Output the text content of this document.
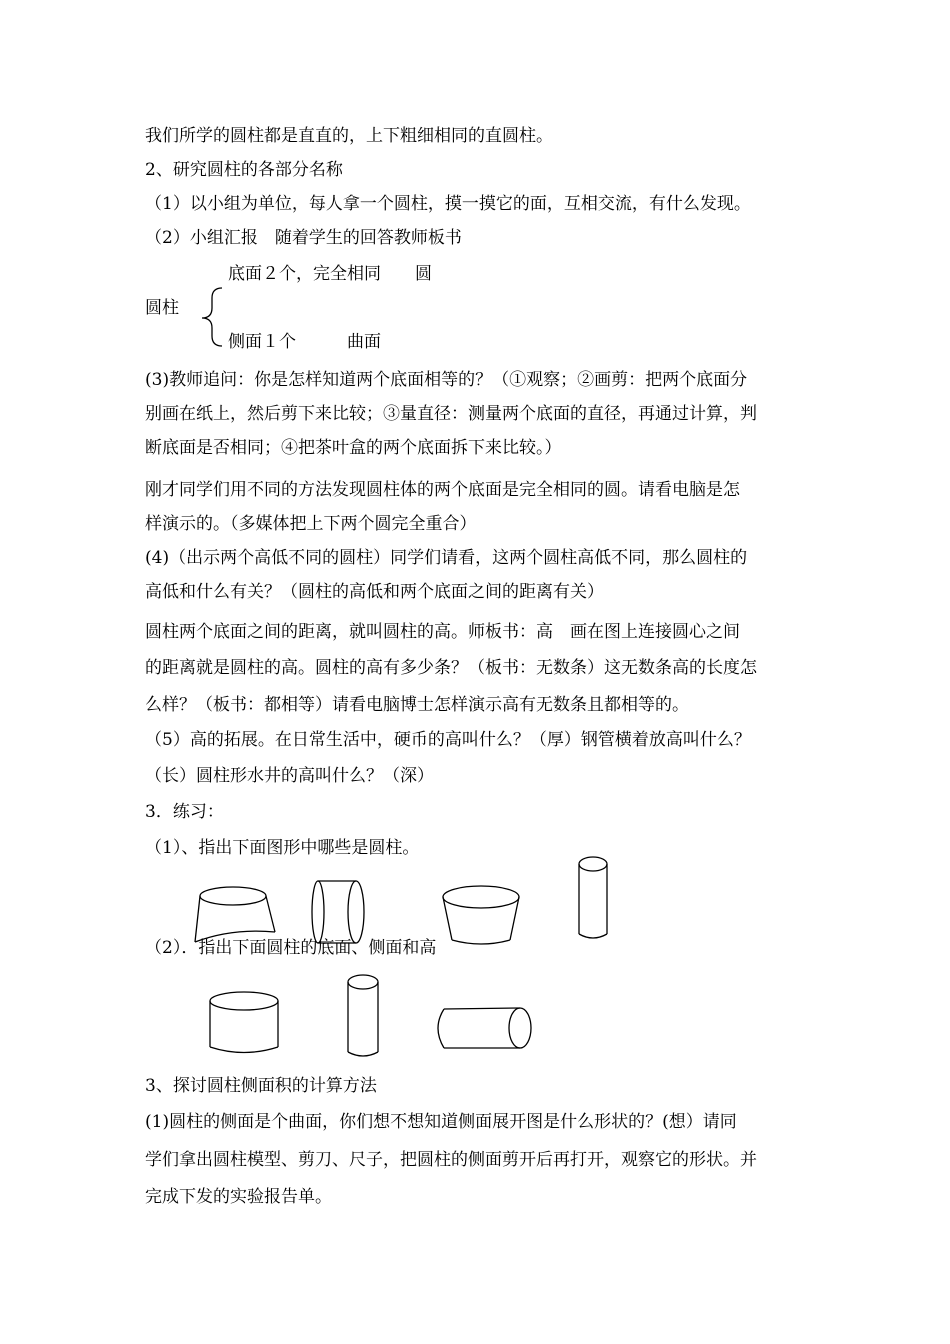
我们所学的圆柱都是直直的，上下粗细相同的直圆柱。
2、研究圆柱的各部分名称
（1）以小组为单位，每人拿一个圆柱，摸一摸它的面，互相交流，有什么发现。
（2）小组汇报　随着学生的回答教师板书
底面２个，完全相同　　圆
圆柱
侧面１个　　　曲面
(3)教师追问：你是怎样知道两个底面相等的？（①观察；②画剪：把两个底面分
别画在纸上，然后剪下来比较；③量直径：测量两个底面的直径，再通过计算，判
断底面是否相同；④把茶叶盒的两个底面拆下来比较。）
刚才同学们用不同的方法发现圆柱体的两个底面是完全相同的圆。请看电脑是怎
样演示的。（多媒体把上下两个圆完全重合）
(4)（出示两个高低不同的圆柱）同学们请看，这两个圆柱高低不同，那么圆柱的
高低和什么有关？（圆柱的高低和两个底面之间的距离有关）
圆柱两个底面之间的距离，就叫圆柱的高。师板书：高　画在图上连接圆心之间
的距离就是圆柱的高。圆柱的高有多少条？（板书：无数条）这无数条高的长度怎
么样？（板书：都相等）请看电脑博士怎样演示高有无数条且都相等的。
（5）高的拓展。在日常生活中，硬币的高叫什么？（厚）钢管横着放高叫什么？
（长）圆柱形水井的高叫什么？（深）
3．练习：
（1）、指出下面图形中哪些是圆柱。
（2）．指出下面圆柱的底面、侧面和高
3、探讨圆柱侧面积的计算方法
(1)圆柱的侧面是个曲面，你们想不想知道侧面展开图是什么形状的？(想）请同
学们拿出圆柱模型、剪刀、尺子，把圆柱的侧面剪开后再打开，观察它的形状。并
完成下发的实验报告单。
